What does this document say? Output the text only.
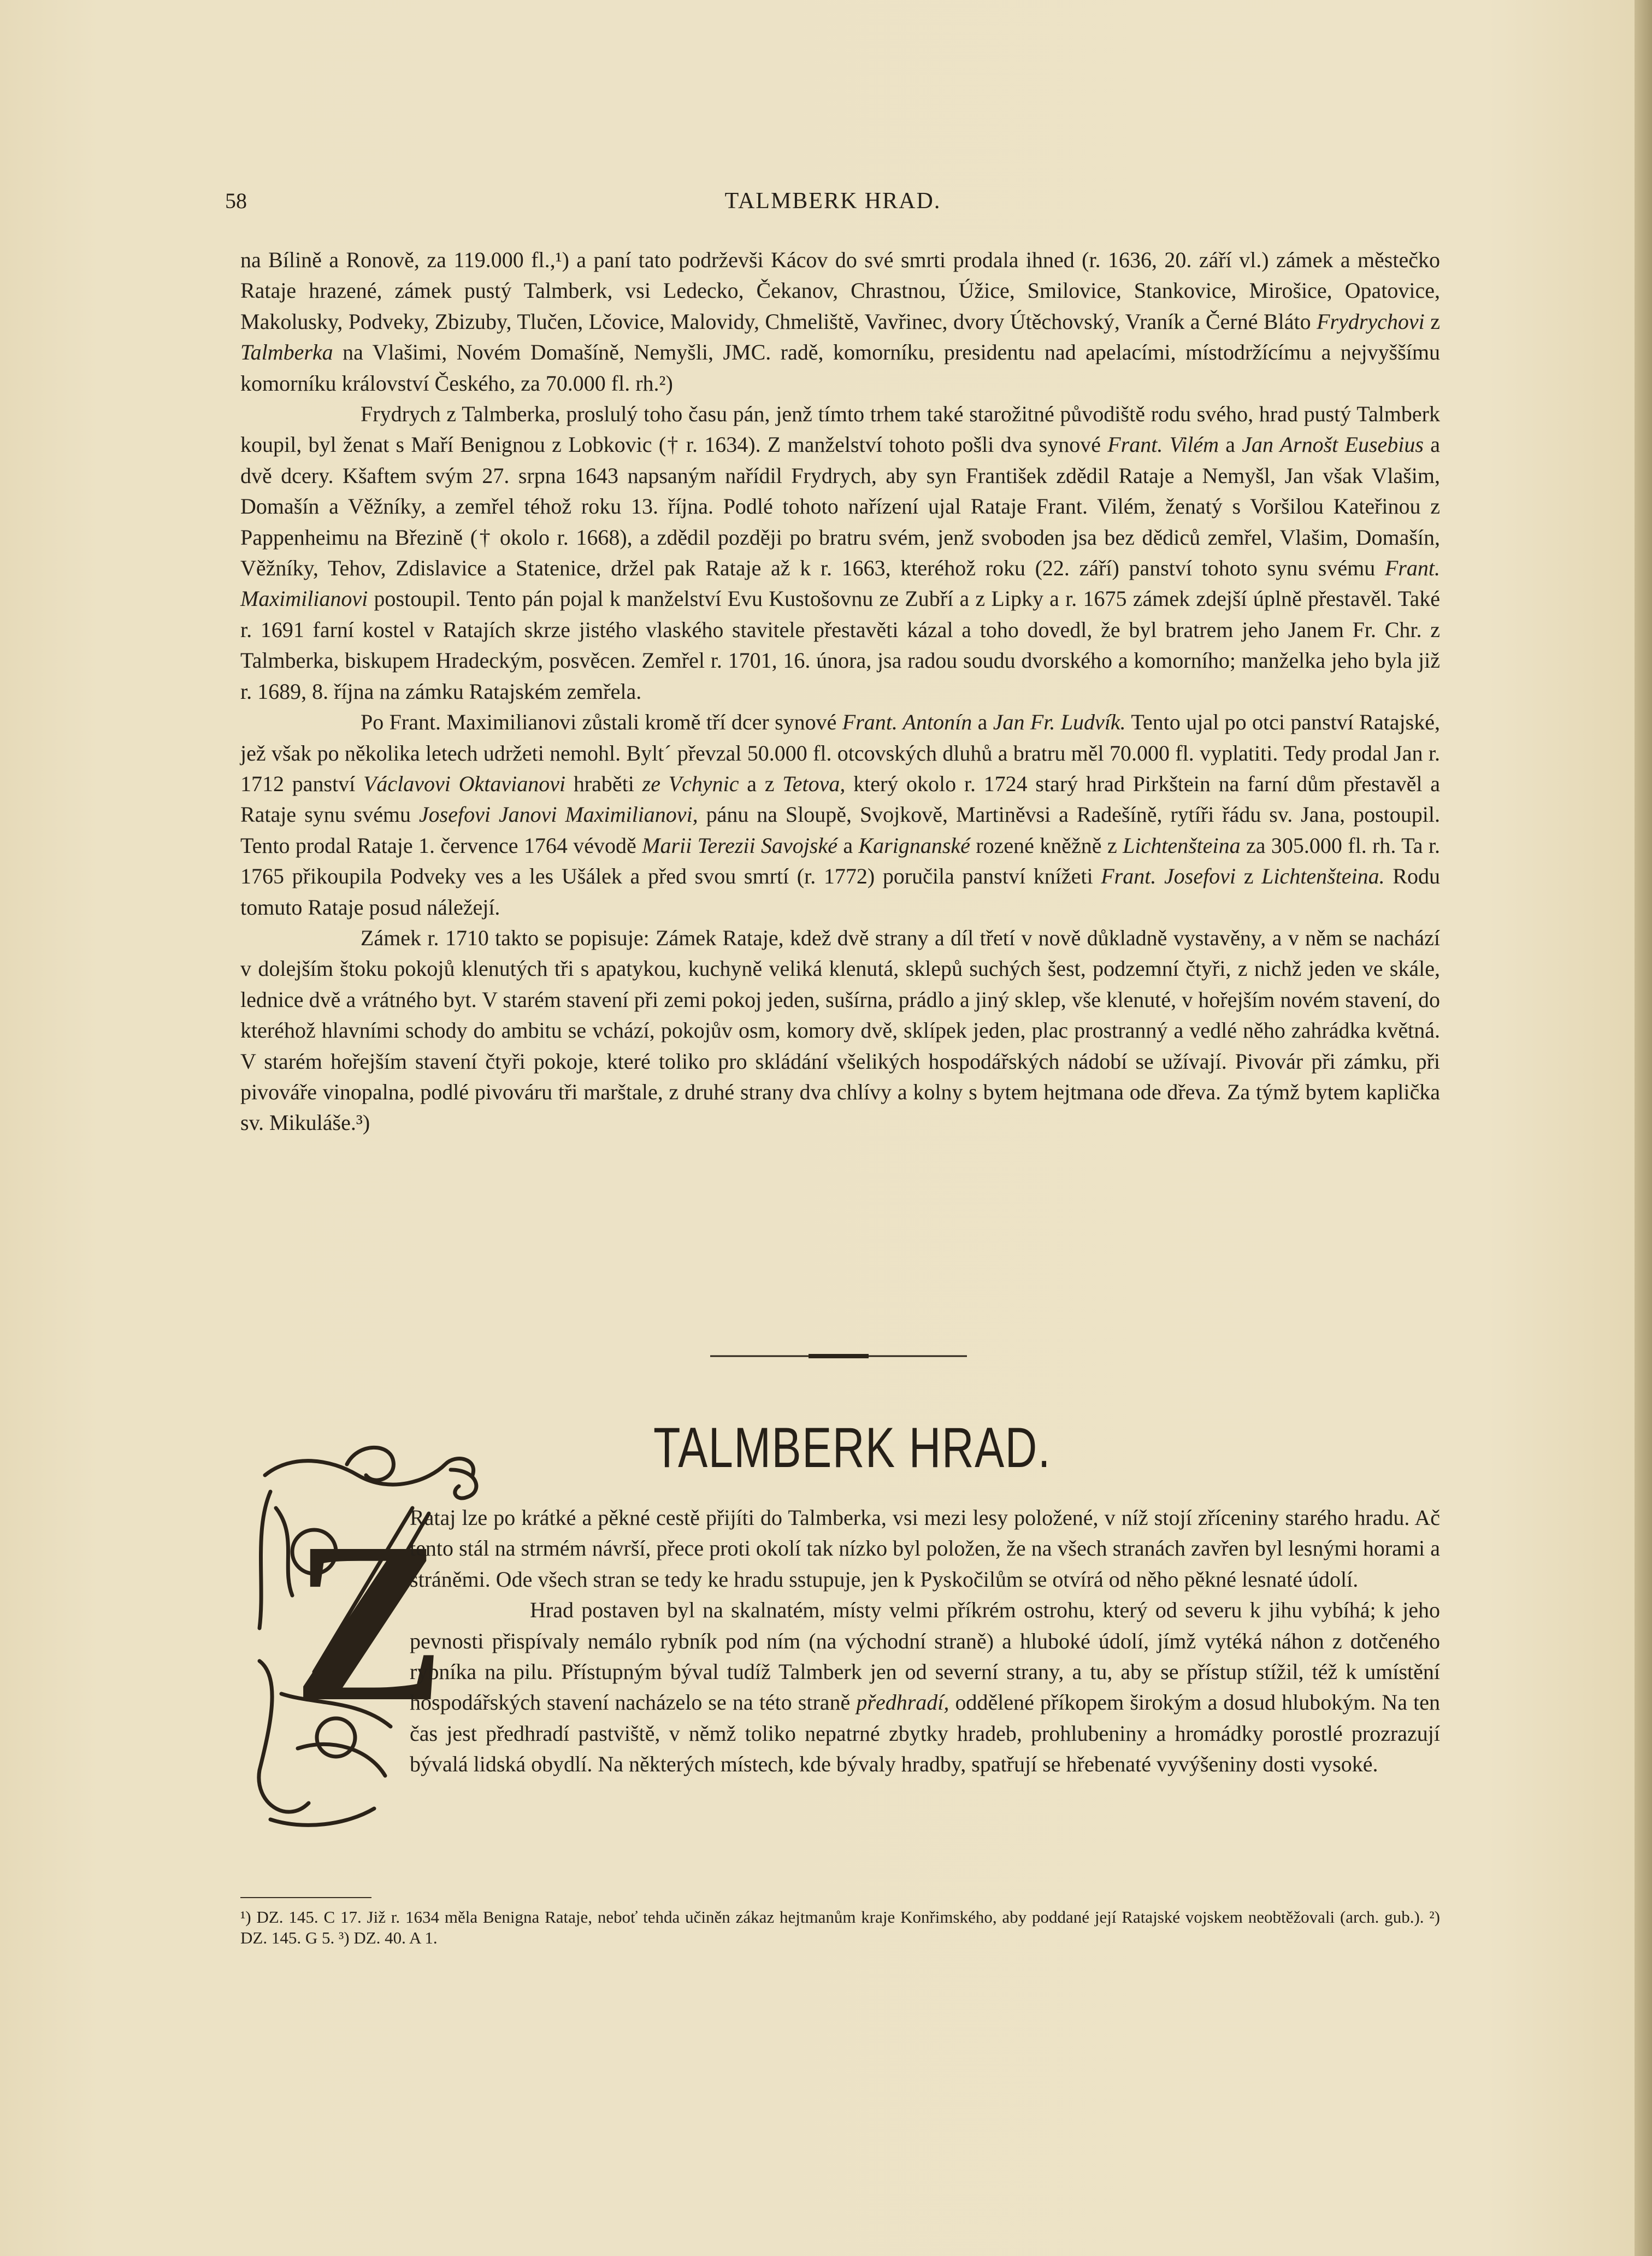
58	TALMBERK HRAD.

na Bílině a Ronově, za 119.000 fl.,¹) a paní tato podrževši Kácov do své smrti prodala ihned (r. 1636, 20. září vl.) zámek a městečko Rataje hrazené, zámek pustý Talmberk, vsi Ledecko, Čekanov, Chrastnou, Úžice, Smilovice, Stankovice, Mirošice, Opatovice, Makolusky, Podveky, Zbizuby, Tlučen, Lčovice, Malovidy, Chmeliště, Vavřinec, dvory Útěchovský, Vraník a Černé Bláto Frydrychovi z Talmberka na Vlašimi, Novém Domašíně, Nemyšli, JMC. radě, komorníku, presidentu nad apelacími, místodržícímu a nejvyššímu komorníku království Českého, za 70.000 fl. rh.²)

Frydrych z Talmberka, proslulý toho času pán, jenž tímto trhem také starožitné původiště rodu svého, hrad pustý Talmberk koupil, byl ženat s Maří Benignou z Lobkovic († r. 1634). Z manželství tohoto pošli dva synové Frant. Vilém a Jan Arnošt Eusebius a dvě dcery. Kšaftem svým 27. srpna 1643 napsaným nařídil Frydrych, aby syn František zdědil Rataje a Nemyšl, Jan však Vlašim, Domašín a Věžníky, a zemřel téhož roku 13. října. Podlé tohoto nařízení ujal Rataje Frant. Vilém, ženatý s Voršilou Kateřinou z Pappenheimu na Březině († okolo r. 1668), a zdědil později po bratru svém, jenž svoboden jsa bez dědiců zemřel, Vlašim, Domašín, Věžníky, Tehov, Zdislavice a Statenice, držel pak Rataje až k r. 1663, kteréhož roku (22. září) panství tohoto synu svému Frant. Maximilianovi postoupil. Tento pán pojal k manželství Evu Kustošovnu ze Zubří a z Lipky a r. 1675 zámek zdejší úplně přestavěl. Také r. 1691 farní kostel v Ratajích skrze jistého vlaského stavitele přestavěti kázal a toho dovedl, že byl bratrem jeho Janem Fr. Chr. z Talmberka, biskupem Hradeckým, posvěcen. Zemřel r. 1701, 16. února, jsa radou soudu dvorského a komorního; manželka jeho byla již r. 1689, 8. října na zámku Ratajském zemřela.

Po Frant. Maximilianovi zůstali kromě tří dcer synové Frant. Antonín a Jan Fr. Ludvík. Tento ujal po otci panství Ratajské, jež však po několika letech udržeti nemohl. Byltˊ převzal 50.000 fl. otcovských dluhů a bratru měl 70.000 fl. vyplatiti. Tedy prodal Jan r. 1712 panství Václavovi Oktavianovi hraběti ze Vchynic a z Tetova, který okolo r. 1724 starý hrad Pirkštein na farní dům přestavěl a Rataje synu svému Josefovi Janovi Maximilianovi, pánu na Sloupě, Svojkově, Martiněvsi a Radešíně, rytíři řádu sv. Jana, postoupil. Tento prodal Rataje 1. července 1764 vévodě Marii Terezii Savojské a Karignanské rozené kněžně z Lichtenšteina za 305.000 fl. rh. Ta r. 1765 přikoupila Podveky ves a les Ušálek a před svou smrtí (r. 1772) poručila panství knížeti Frant. Josefovi z Lichtenšteina. Rodu tomuto Rataje posud náležejí.

Zámek r. 1710 takto se popisuje: Zámek Rataje, kdež dvě strany a díl třetí v nově důkladně vystavěny, a v něm se nachází v dolejším štoku pokojů klenutých tři s apatykou, kuchyně veliká klenutá, sklepů suchých šest, podzemní čtyři, z nichž jeden ve skále, lednice dvě a vrátného byt. V starém stavení při zemi pokoj jeden, sušírna, prádlo a jiný sklep, vše klenuté, v hořejším novém stavení, do kteréhož hlavními schody do ambitu se vchází, pokojův osm, komory dvě, sklípek jeden, plac prostranný a vedlé něho zahrádka květná. V starém hořejším stavení čtyři pokoje, které toliko pro skládání všelikých hospodářských nádobí se užívají. Pivovár při zámku, při pivováře vinopalna, podlé pivováru tři marštale, z druhé strany dva chlívy a kolny s bytem hejtmana ode dřeva. Za týmž bytem kaplička sv. Mikuláše.³)

TALMBERK HRAD.
Z

Rataj lze po krátké a pěkné cestě přijíti do Talmberka, vsi mezi lesy položené, v níž stojí zříceniny starého hradu. Ač tento stál na strmém návrší, přece proti okolí tak nízko byl položen, že na všech stranách zavřen byl lesnými horami a stráněmi. Ode všech stran se tedy ke hradu sstupuje, jen k Pyskočilům se otvírá od něho pěkné lesnaté údolí.

Hrad postaven byl na skalnatém, místy velmi příkrém ostrohu, který od severu k jihu vybíhá; k jeho pevnosti přispívaly nemálo rybník pod ním (na východní straně) a hluboké údolí, jímž vytéká náhon z dotčeného rybníka na pilu. Přístupným býval tudíž Talmberk jen od severní strany, a tu, aby se přístup stížil, též k umístění hospodářských stavení nacházelo se na této straně předhradí, oddělené příkopem širokým a dosud hlubokým. Na ten čas jest předhradí pastviště, v němž toliko nepatrné zbytky hradeb, prohlubeniny a hromádky porostlé prozrazují bývalá lidská obydlí. Na některých místech, kde bývaly hradby, spatřují se hřebenaté vyvýšeniny dosti vysoké.

¹) DZ. 145. C 17. Již r. 1634 měla Benigna Rataje, neboť tehda učiněn zákaz hejtmanům kraje Konřimského, aby poddané její Ratajské vojskem neobtěžovali (arch. gub.). ²) DZ. 145. G 5. ³) DZ. 40. A 1.
